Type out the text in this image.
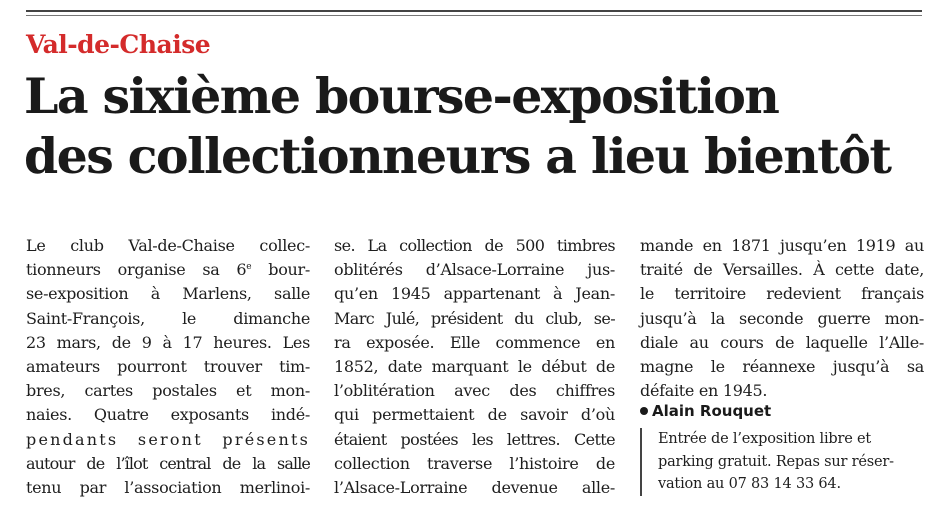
Val-de-Chaise
La sixième bourse-exposition
des collectionneurs a lieu bientôt
Le club Val-de-Chaise collec-
tionneurs organise sa 6e bour-
se-exposition à Marlens, salle
Saint-François, le dimanche
23 mars, de 9 à 17 heures. Les
amateurs pourront trouver tim-
bres, cartes postales et mon-
naies. Quatre exposants indé-
pendants seront présents
autour de l’îlot central de la salle
tenu par l’association merlinoi-
se. La collection de 500 timbres
oblitérés d’Alsace-Lorraine jus-
qu’en 1945 appartenant à Jean-
Marc Julé, président du club, se-
ra exposée. Elle commence en
1852, date marquant le début de
l’oblitération avec des chiffres
qui permettaient de savoir d’où
étaient postées les lettres. Cette
collection traverse l’histoire de
l’Alsace-Lorraine devenue alle-
mande en 1871 jusqu’en 1919 au
traité de Versailles. À cette date,
le territoire redevient français
jusqu’à la seconde guerre mon-
diale au cours de laquelle l’Alle-
magne le réannexe jusqu’à sa
défaite en 1945.
Alain Rouquet
Entrée de l’exposition libre et
parking gratuit. Repas sur réser-
vation au 07 83 14 33 64.
